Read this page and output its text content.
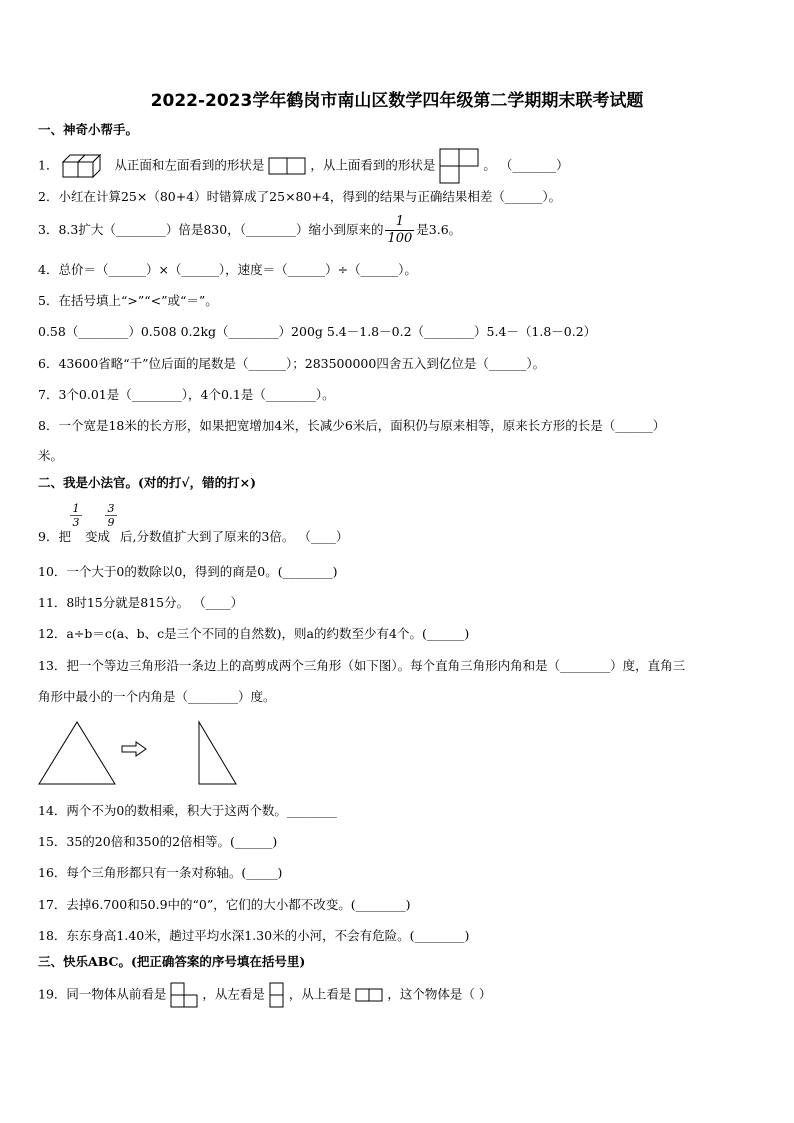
2022-2023学年鹤岗市南山区数学四年级第二学期期末联考试题
一、神奇小帮手。
1．	从正面和左面看到的形状是	，从上面看到的形状是	。 （_______）
2．小红在计算25×（80+4）时错算成了25×80+4，得到的结果与正确结果相差（______）。
3．8.3扩大（________）倍是830，（________）缩小到原来的 $\frac{1}{100}$ 是3.6。
4．总价＝（______）×（______），速度＝（______）÷（______）。
5．在括号填上“>”“<”或“＝”。
0.58（________）0.508 0.2kg（________）200g 5.4－1.8－0.2（________）5.4－（1.8－0.2）
6．43600省略“千”位后面的尾数是（______）；283500000四舍五入到亿位是（______）。
7．3个0.01是（________），4个0.1是（________）。
8．一个宽是18米的长方形，如果把宽增加4米，长减少6米后，面积仍与原来相等，原来长方形的长是（______）
米。
二、我是小法官。(对的打√，错的打×)
$\frac{1}{3} \frac{3}{9}$
9．把 变成 后,分数值扩大到了原来的3倍。 （____）
10．一个大于0的数除以0，得到的商是0。(________)
11．8时15分就是815分。 （____）
12．a÷b＝c(a、b、c是三个不同的自然数)，则a的约数至少有4个。(______)
13．把一个等边三角形沿一条边上的高剪成两个三角形（如下图）。每个直角三角形内角和是（________）度，直角三
角形中最小的一个内角是（________）度。
14．两个不为0的数相乘，积大于这两个数。________
15．35的20倍和350的2倍相等。(______)
16．每个三角形都只有一条对称轴。(_____)
17．去掉6.700和50.9中的“0”，它们的大小都不改变。(________)
18．东东身高1.40米，趟过平均水深1.30米的小河，不会有危险。(________)
三、快乐ABC。(把正确答案的序号填在括号里)
19．同一物体从前看是	，从左看是 ，从上看是	，这个物体是（ ）
